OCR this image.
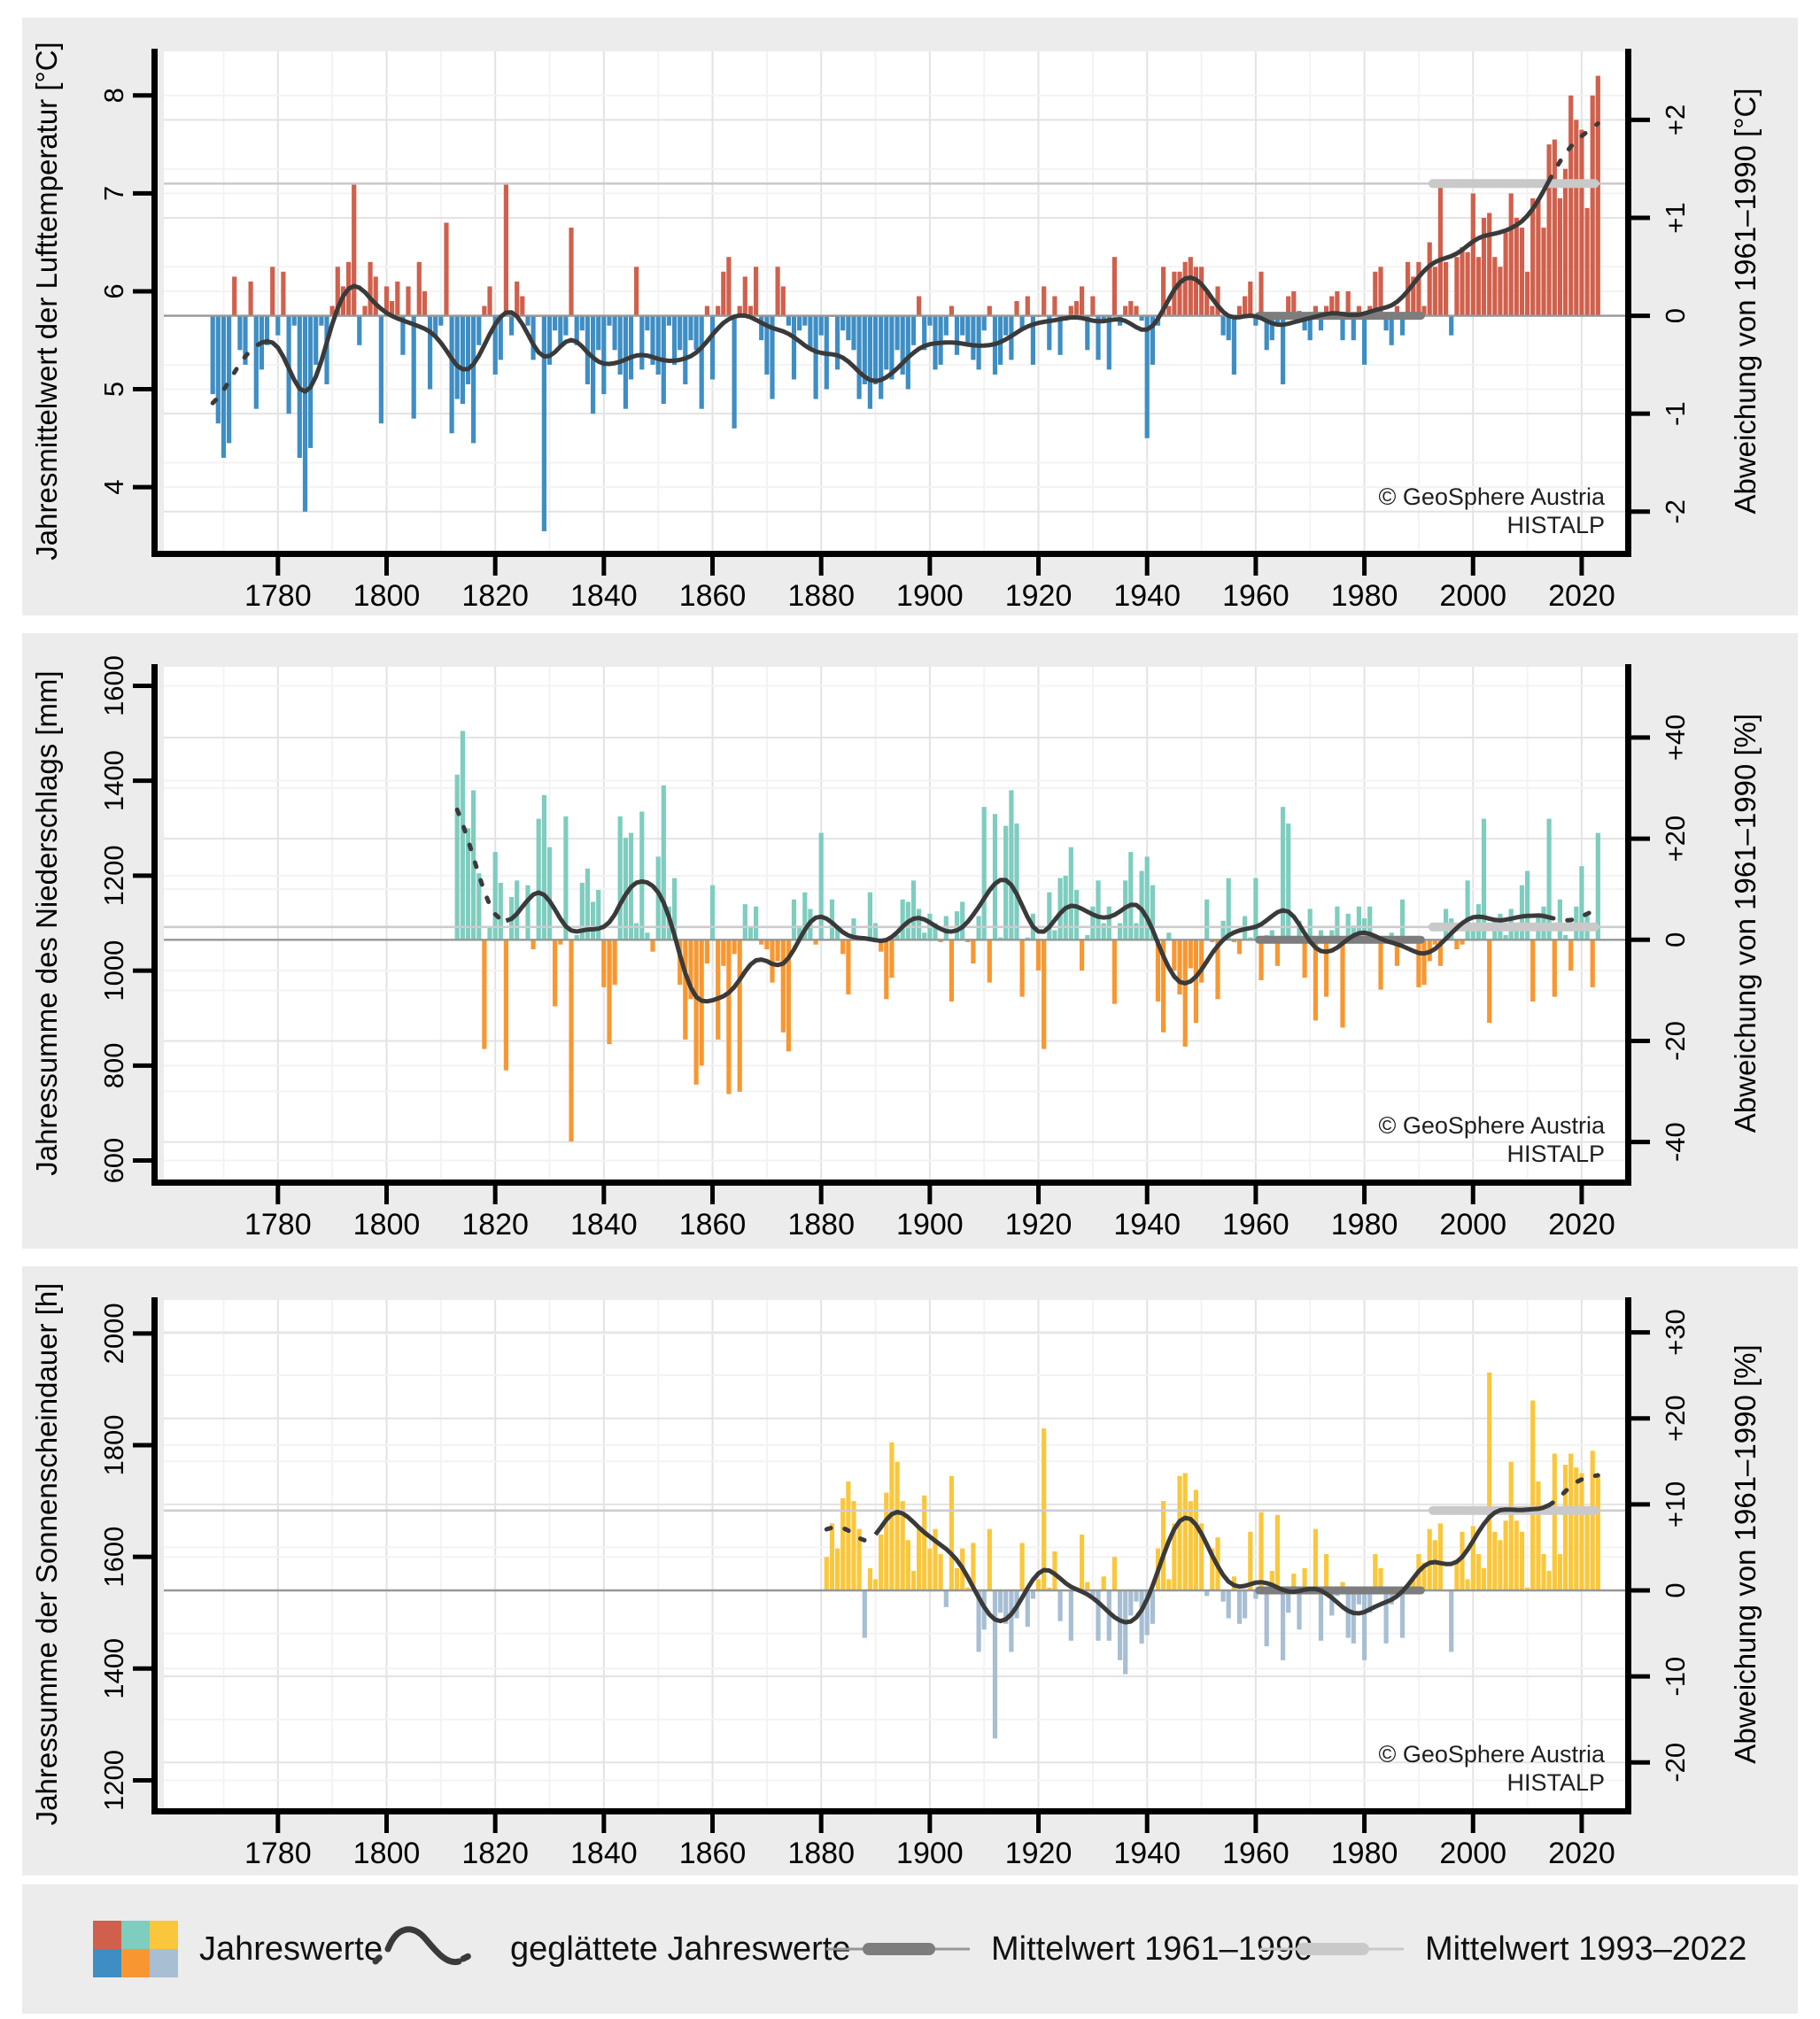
4
5
6
7
8
-2
-1
0
+1
+2
1780 1800 1820 1840 1860 1880 1900 1920 1940 1960 1980 2000 2020
Jahresmittelwert der Lufttemperatur [°C]	Abweichung von 1961–1990 [°C]
© GeoSphere Austria
HISTALP
600
800
1000
1200
1400
1600
-40
-20
0
+20
+40
1780 1800 1820 1840 1860 1880 1900 1920 1940 1960 1980 2000 2020
Jahressumme des Niederschlags [mm]	Abweichung von 1961–1990 [%]
© GeoSphere Austria
HISTALP
1200
1400
1600
1800
2000
-20
-10
0
+10
+20
+30
1780 1800 1820 1840 1860 1880 1900 1920 1940 1960 1980 2000 2020
Jahressumme der Sonnenscheindauer [h]	Abweichung von 1961–1990 [%]
© GeoSphere Austria
HISTALP
Jahreswerte	geglättete Jahreswerte	Mittelwert 1961–1990	Mittelwert 1993–2022
